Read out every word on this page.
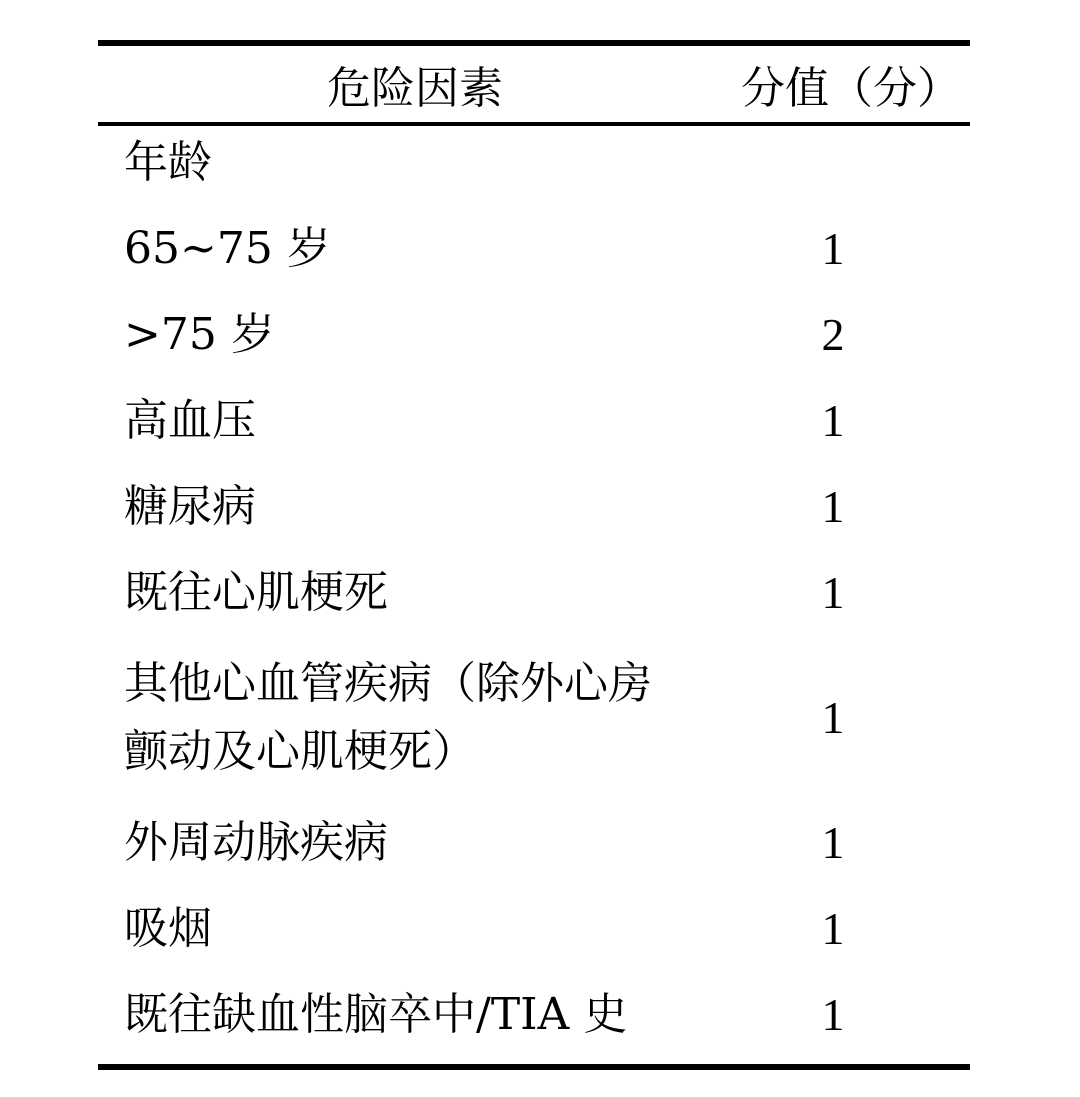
危险因素	分值（分）
年龄	
65~75 岁	1
>75 岁	2
高血压	1
糖尿病	1
既往心肌梗死	1
其他心血管疾病（除外心房颤动及心肌梗死）	1
外周动脉疾病	1
吸烟	1
既往缺血性脑卒中/TIA 史	1
